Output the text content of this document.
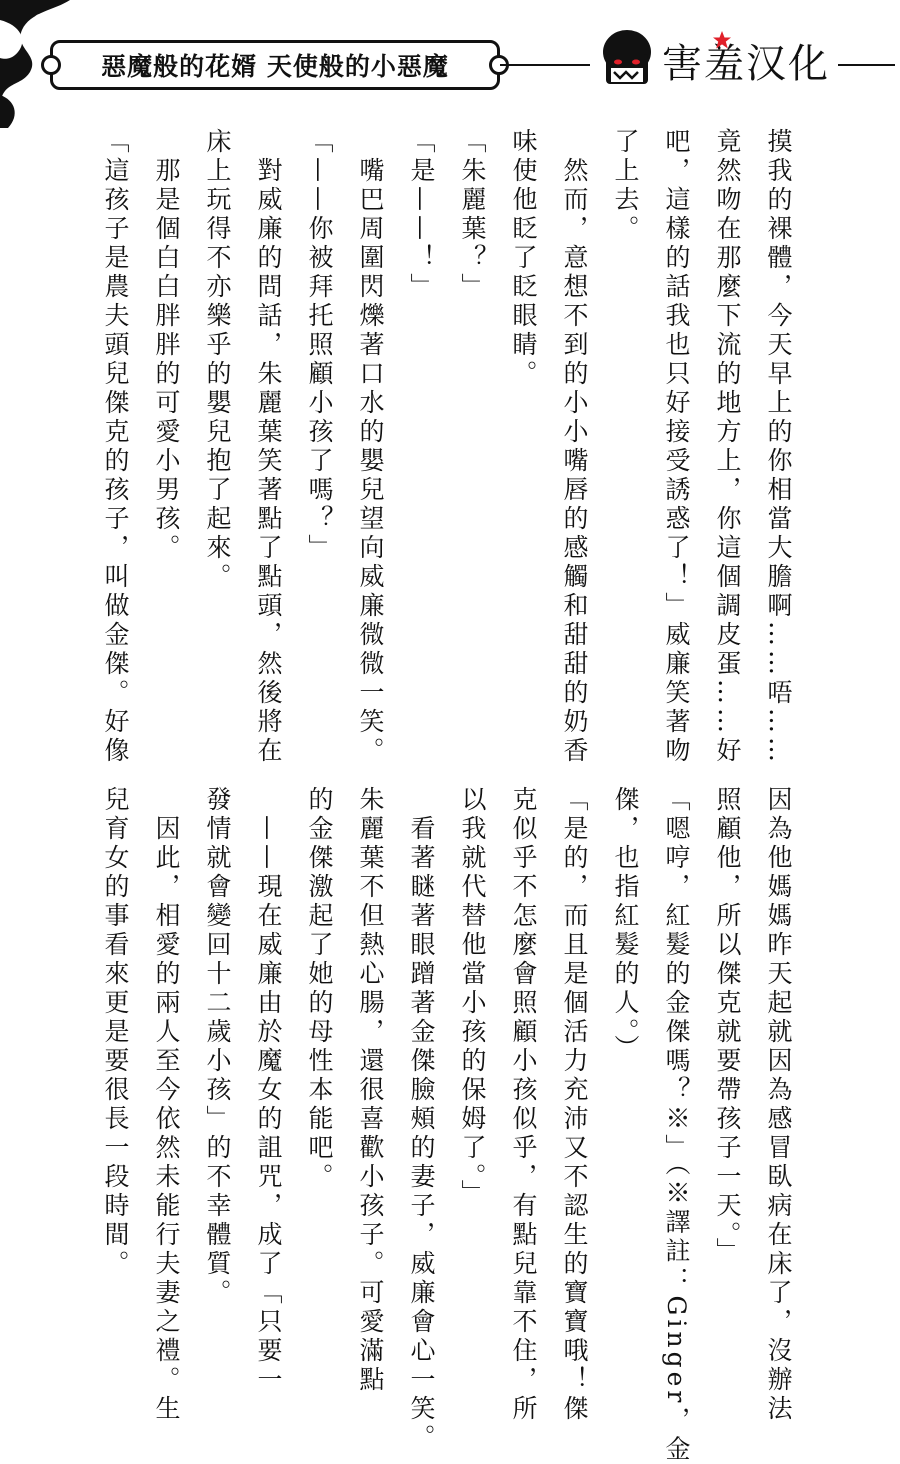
惡魔般的花婿 天使般的小惡魔	害羞汉化

摸我的裸體，今天早上的你相當大膽啊……唔……

竟然吻在那麼下流的地方上，你這個調皮蛋……好

吧，這樣的話我也只好接受誘惑了！」威廉笑著吻

了上去。

　然而，意想不到的小小嘴唇的感觸和甜甜的奶香

味使他眨了眨眼睛。

「朱麗葉？」

「是——！」

　嘴巴周圍閃爍著口水的嬰兒望向威廉微微一笑。

「——你被拜托照顧小孩了嗎？」

　對威廉的問話，朱麗葉笑著點了點頭，然後將在

床上玩得不亦樂乎的嬰兒抱了起來。

　那是個白白胖胖的可愛小男孩。

「這孩子是農夫頭兒傑克的孩子，叫做金傑。好像

因為他媽媽昨天起就因為感冒臥病在床了，沒辦法

照顧他，所以傑克就要帶孩子一天。」

「嗯哼，紅髮的金傑嗎？※」（※譯註：Ginger，金

傑，也指紅髮的人。）

「是的，而且是個活力充沛又不認生的寶寶哦！傑

克似乎不怎麼會照顧小孩似乎，有點兒靠不住，所

以我就代替他當小孩的保姆了。」

　看著瞇著眼蹭著金傑臉頰的妻子，威廉會心一笑。

朱麗葉不但熱心腸，還很喜歡小孩子。可愛滿點

的金傑激起了她的母性本能吧。

　——現在威廉由於魔女的詛咒，成了「只要一

發情就會變回十二歲小孩」的不幸體質。

　因此，相愛的兩人至今依然未能行夫妻之禮。生

兒育女的事看來更是要很長一段時間。
